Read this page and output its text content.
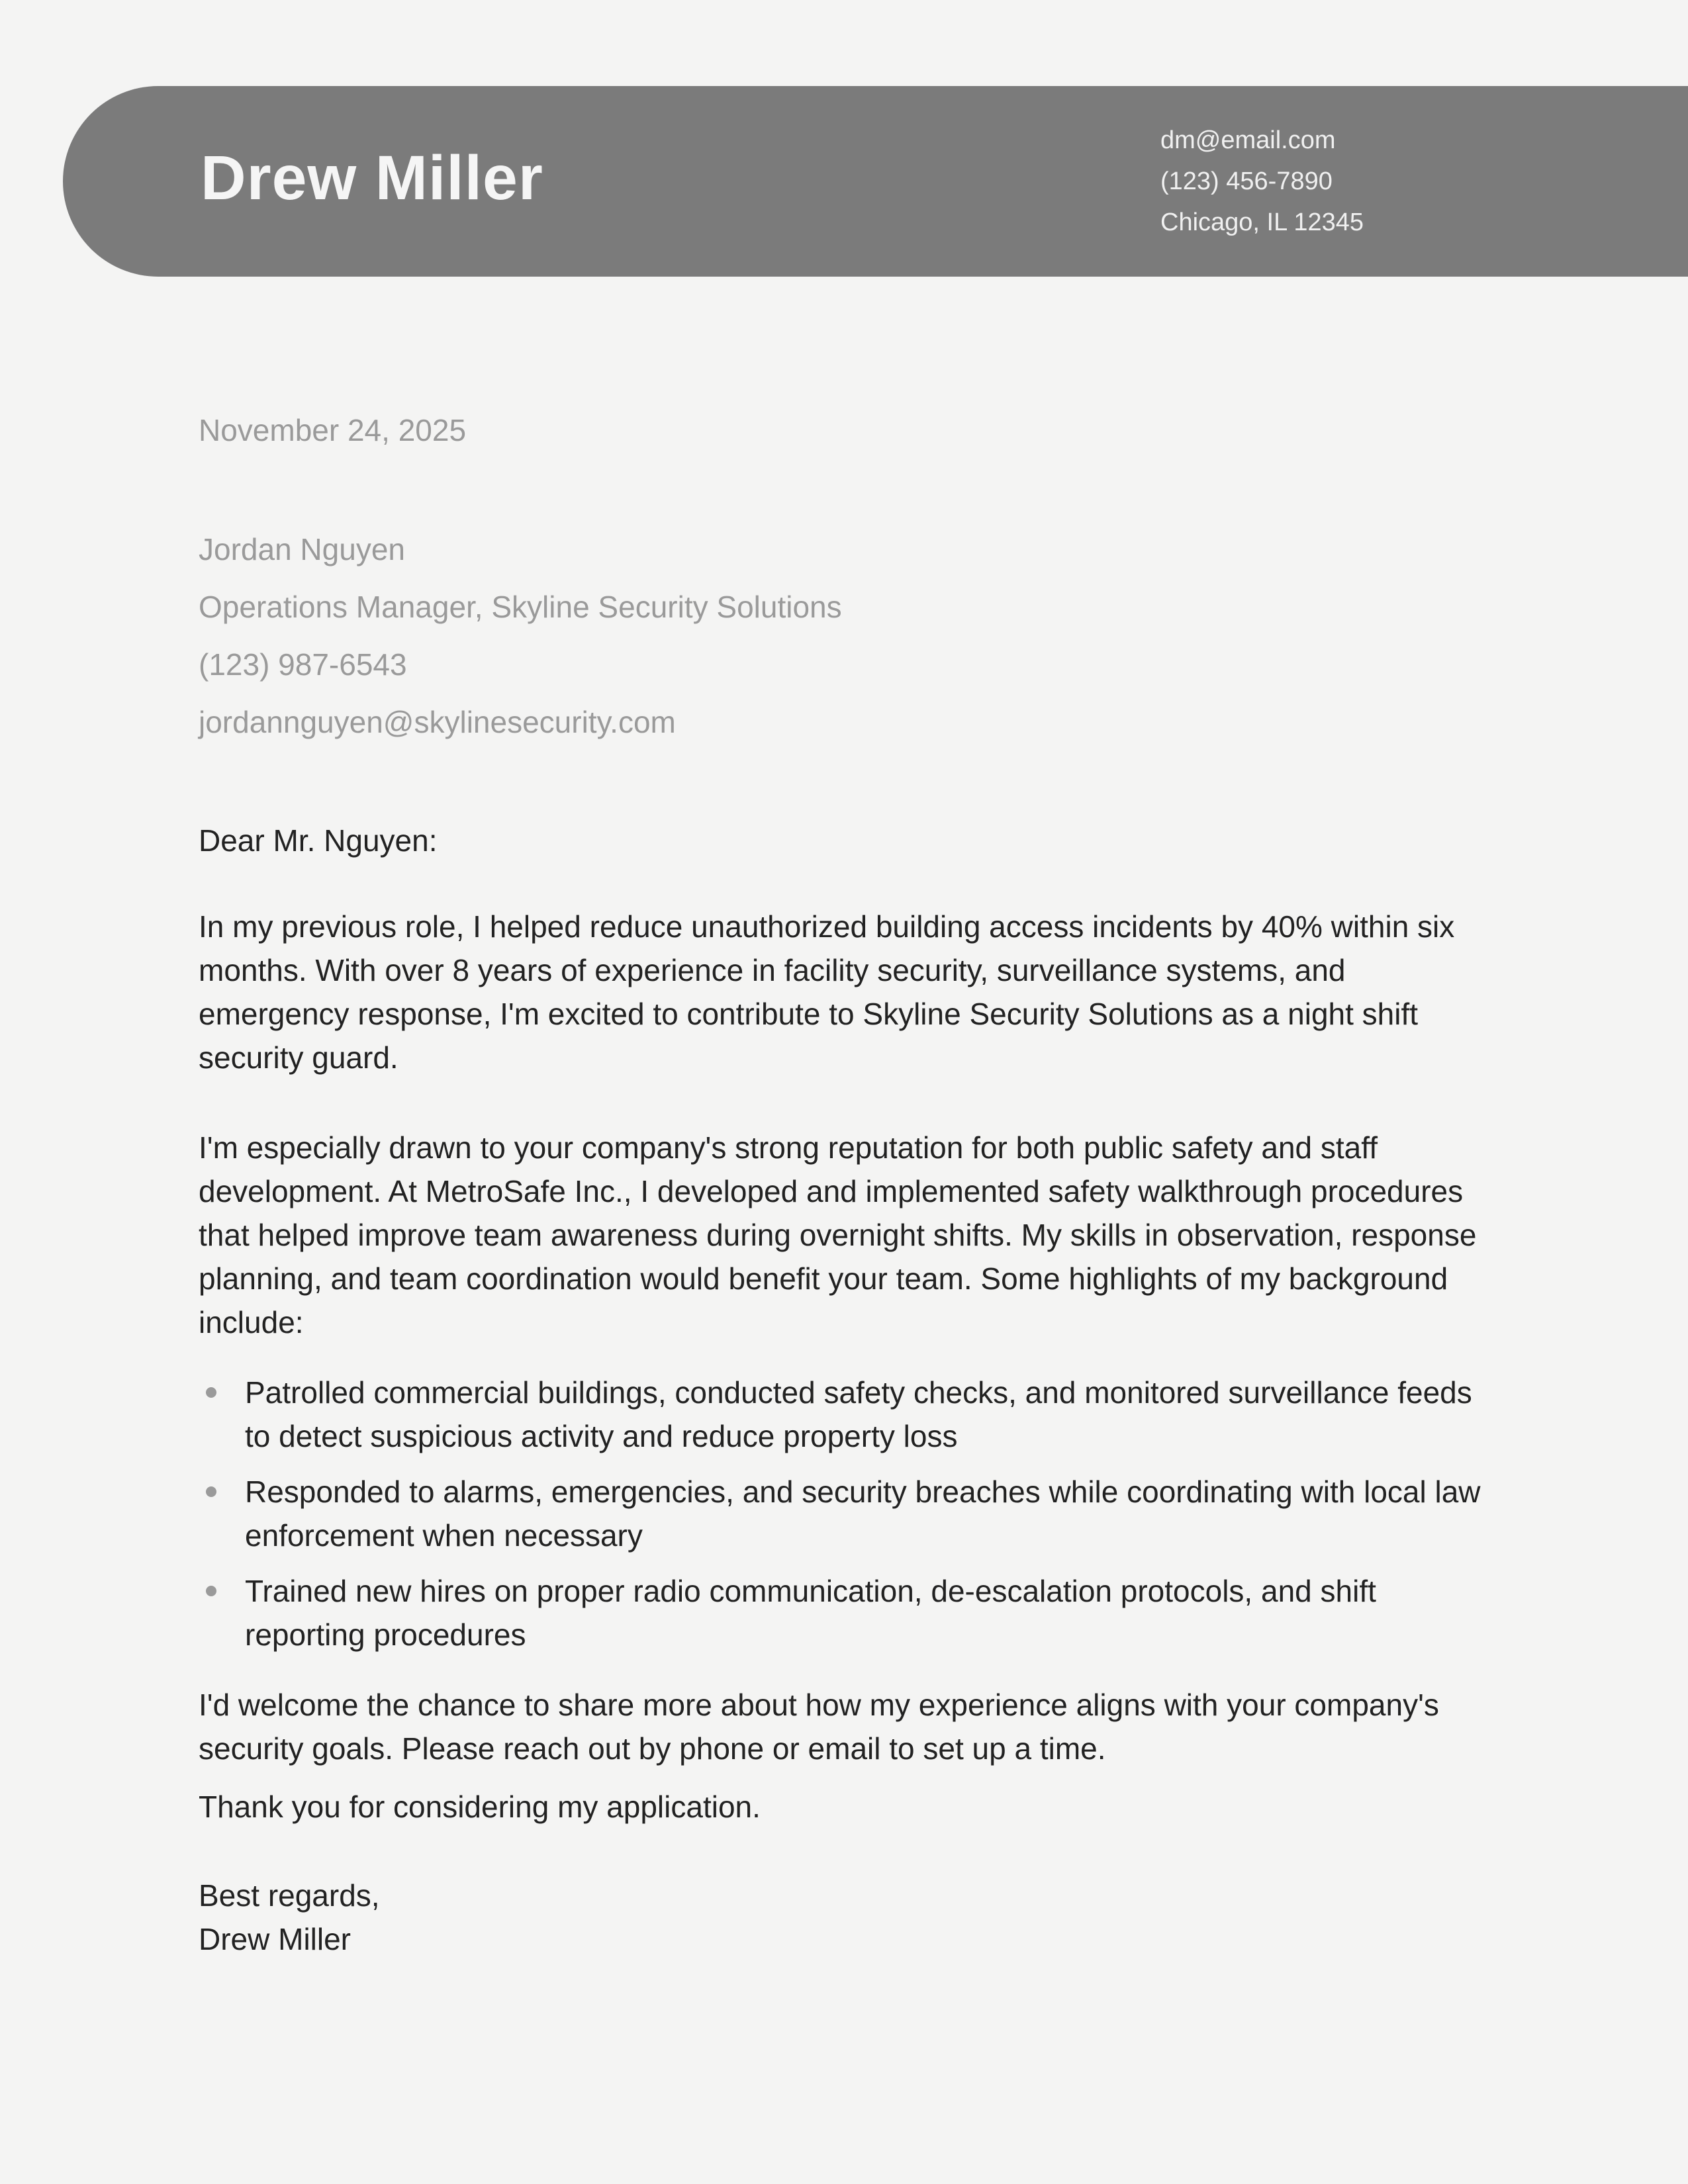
Drew Miller
dm@email.com
(123) 456-7890
Chicago, IL 12345

November 24, 2025

Jordan Nguyen
Operations Manager, Skyline Security Solutions
(123) 987-6543
jordannguyen@skylinesecurity.com

Dear Mr. Nguyen:

In my previous role, I helped reduce unauthorized building access incidents by 40% within six months. With over 8 years of experience in facility security, surveillance systems, and emergency response, I'm excited to contribute to Skyline Security Solutions as a night shift security guard.

I'm especially drawn to your company's strong reputation for both public safety and staff development. At MetroSafe Inc., I developed and implemented safety walkthrough procedures that helped improve team awareness during overnight shifts. My skills in observation, response planning, and team coordination would benefit your team. Some highlights of my background include:

Patrolled commercial buildings, conducted safety checks, and monitored surveillance feeds to detect suspicious activity and reduce property loss
Responded to alarms, emergencies, and security breaches while coordinating with local law enforcement when necessary
Trained new hires on proper radio communication, de-escalation protocols, and shift reporting procedures

I'd welcome the chance to share more about how my experience aligns with your company's security goals. Please reach out by phone or email to set up a time.

Thank you for considering my application.

Best regards,

Drew Miller
